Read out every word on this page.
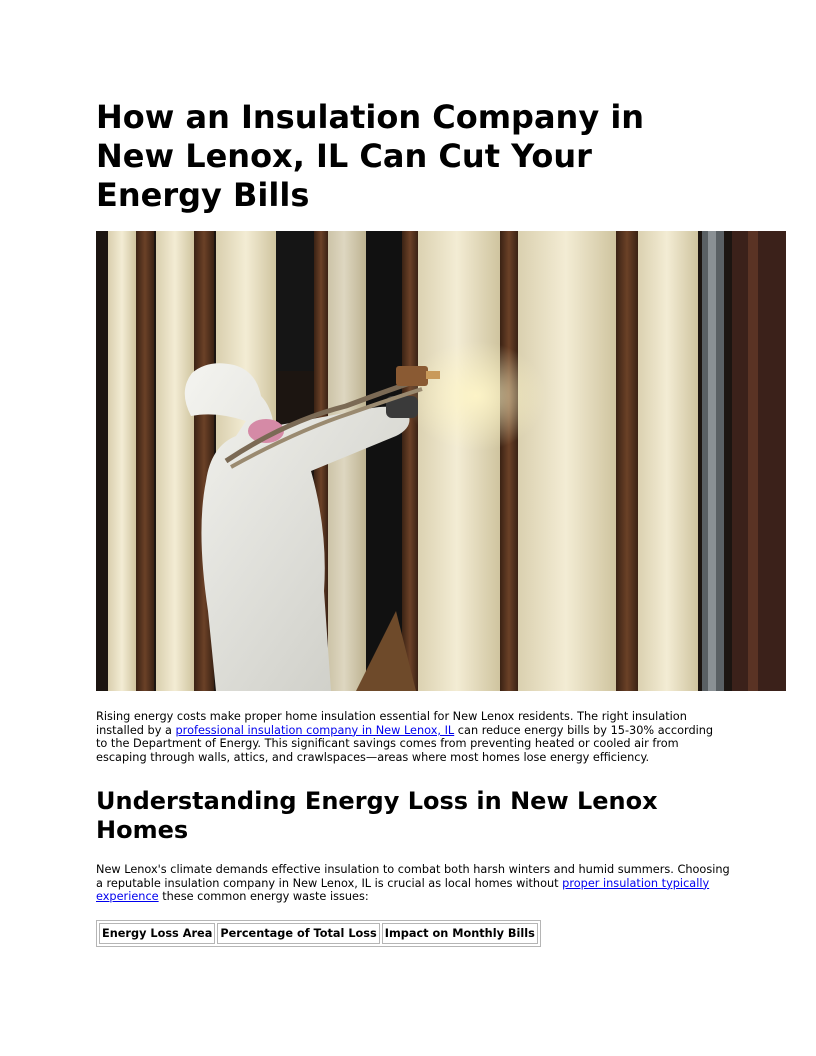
How an Insulation Company in New Lenox, IL Can Cut Your Energy Bills

Rising energy costs make proper home insulation essential for New Lenox residents. The right insulation installed by a professional insulation company in New Lenox, IL can reduce energy bills by 15-30% according to the Department of Energy. This significant savings comes from preventing heated or cooled air from escaping through walls, attics, and crawlspaces—areas where most homes lose energy efficiency.

Understanding Energy Loss in New Lenox Homes

New Lenox's climate demands effective insulation to combat both harsh winters and humid summers. Choosing a reputable insulation company in New Lenox, IL is crucial as local homes without proper insulation typically experience these common energy waste issues:

Energy Loss Area	Percentage of Total Loss	Impact on Monthly Bills
